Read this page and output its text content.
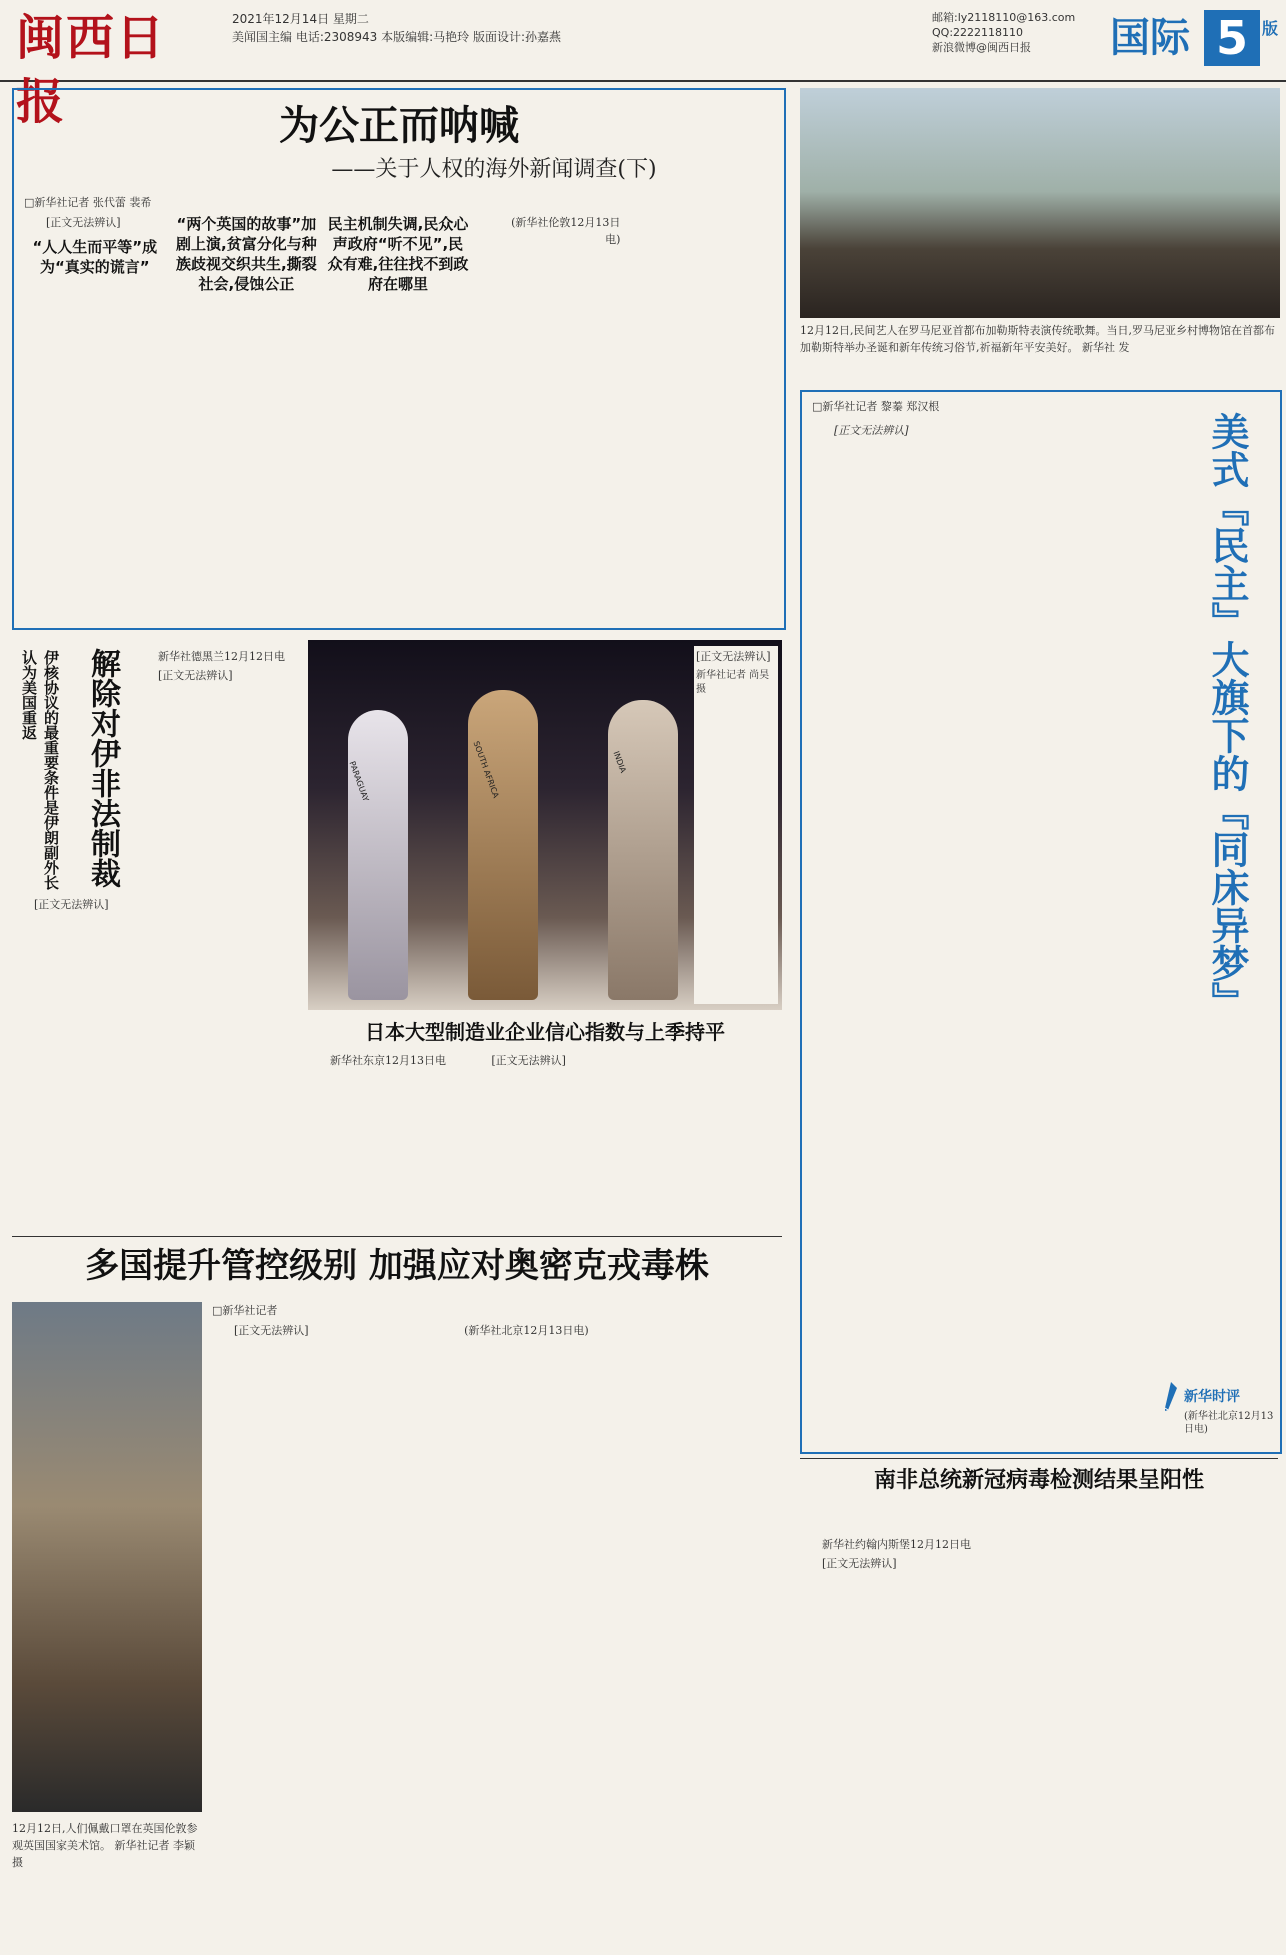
闽西日报
2021年12月14日 星期二
美闻国主编 电话:2308943 本版编辑:马艳玲 版面设计:孙嘉燕
邮箱:ly2118110@163.com
QQ:2222118110
新浪微博@闽西日报	国际 5 版
为公正而呐喊
——关于人权的海外新闻调查(下)
□新华社记者 张代蕾 裴希

[正文无法辨认]

“人人生而平等”成为“真实的谎言”
“两个英国的故事”加剧上演,贫富分化与种族歧视交织共生,撕裂社会,侵蚀公正
民主机制失调,民众心声政府“听不见”,民众有难,往往找不到政府在哪里

(新华社伦敦12月13日电)

12月12日,民间艺人在罗马尼亚首都布加勒斯特表演传统歌舞。当日,罗马尼亚乡村博物馆在首都布加勒斯特举办圣诞和新年传统习俗节,祈福新年平安美好。 新华社 发
□新华社记者 黎蓁 郑汉根

[正文无法辨认]	美式『民主』大旗下的『同床异梦』
新华时评
(新华社北京12月13日电)
伊核协议的最重要条件是伊朗副外长认为美国重返	解除对伊非法制裁	新华社德黑兰12月12日电

[正文无法辨认]

[正文无法辨认]

PARAGUAY	SOUTH AFRICA	INDIA
[正文无法辨认]
新华社记者 尚昊 摄
日本大型制造业企业信心指数与上季持平

新华社东京12月13日电	[正文无法辨认]

多国提升管控级别 加强应对奥密克戎毒株
12月12日,人们佩戴口罩在英国伦敦参观英国国家美术馆。 新华社记者 李颖 摄
□新华社记者

[正文无法辨认]	(新华社北京12月13日电)

南非总统新冠病毒检测结果呈阳性

新华社约翰内斯堡12月12日电

[正文无法辨认]
